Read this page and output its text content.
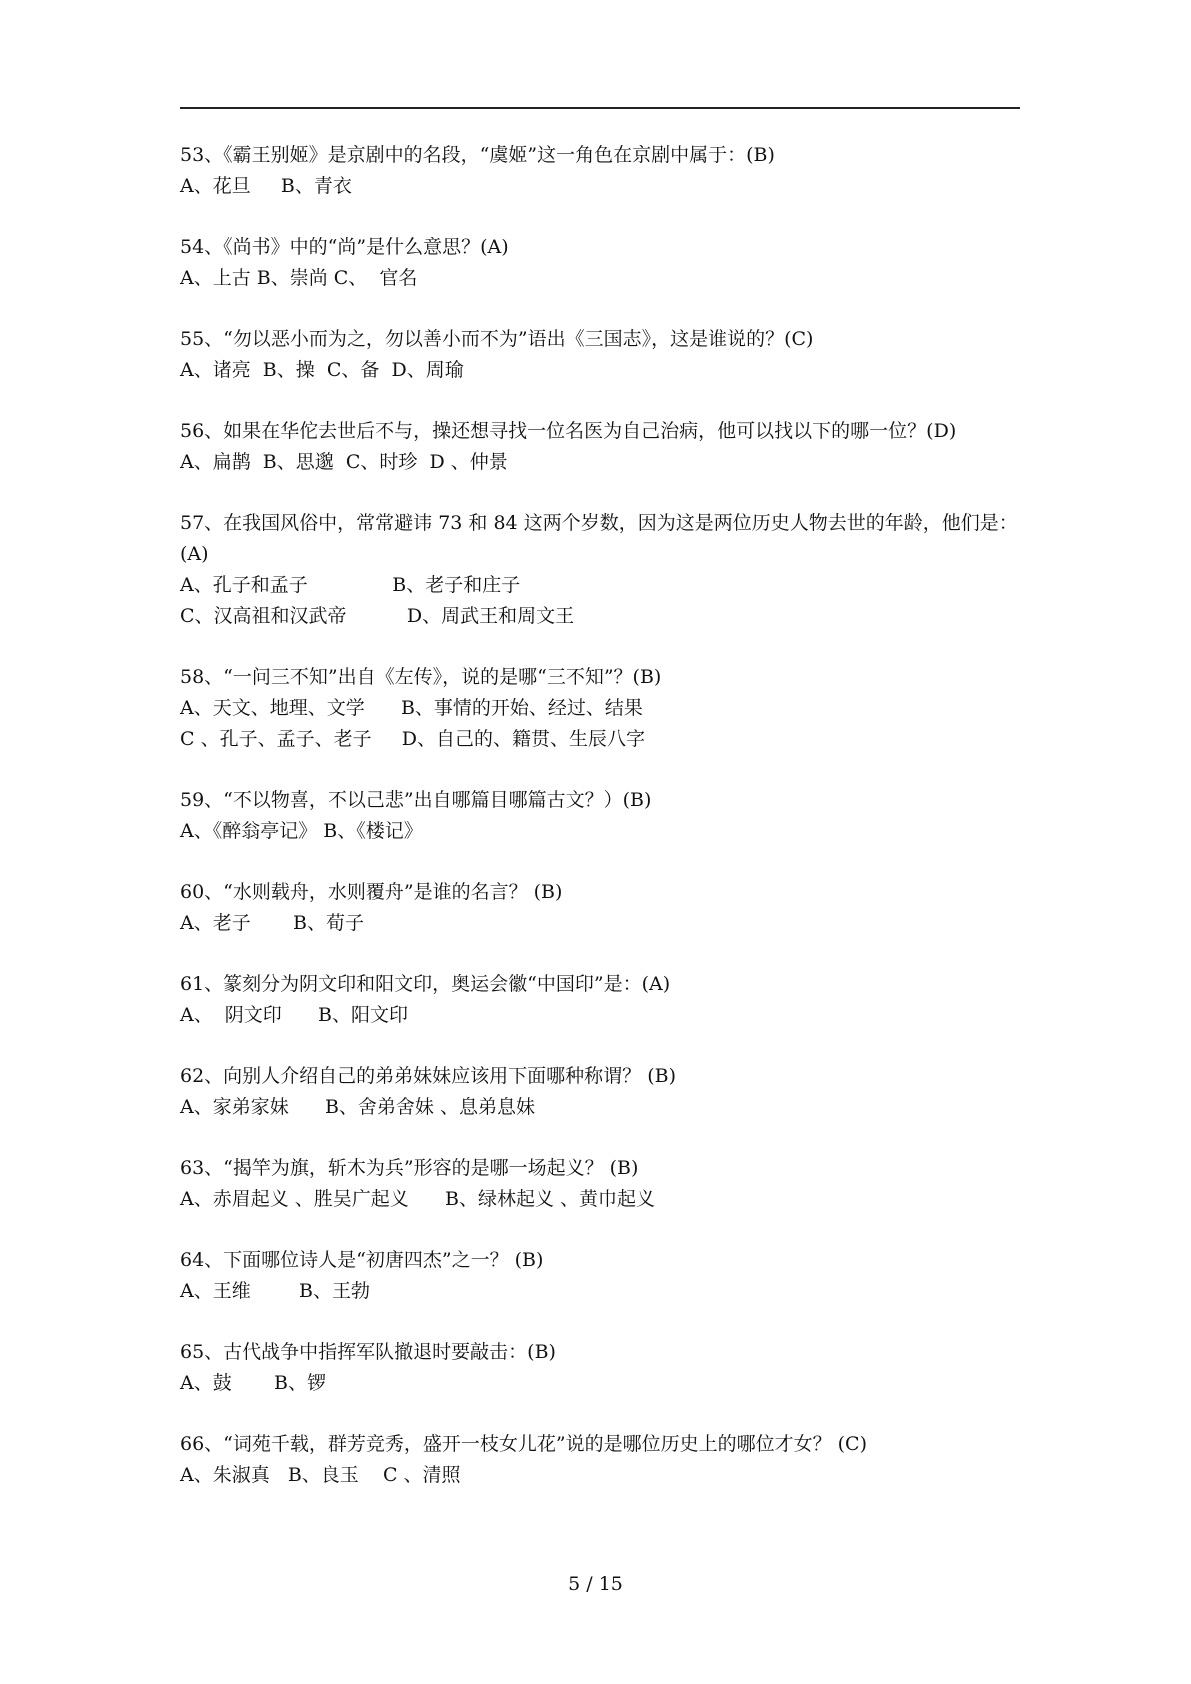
53、《霸王别姬》是京剧中的名段，“虞姬”这一角色在京剧中属于：(B)
A、花旦     B、青衣
54、《尚书》中的“尚”是什么意思？(A)
A、上古 B、崇尚 C、  官名
55、“勿以恶小而为之，勿以善小而不为”语出《三国志》，这是谁说的？(C)
A、诸亮  B、操  C、备  D、周瑜
56、如果在华佗去世后不与，操还想寻找一位名医为自己治病，他可以找以下的哪一位？(D)
A、扁鹊  B、思邈  C、时珍  D 、仲景
57、在我国风俗中，常常避讳 73 和 84 这两个岁数，因为这是两位历史人物去世的年龄，他们是：(A)
A、孔子和孟子              B、老子和庄子
C、汉高祖和汉武帝          D、周武王和周文王
58、“一问三不知”出自《左传》，说的是哪“三不知”？(B)
A、天文、地理、文学      B、事情的开始、经过、结果
C 、孔子、孟子、老子     D、自己的、籍贯、生辰八字
59、“不以物喜，不以己悲”出自哪篇目哪篇古文？）(B)
A、《醉翁亭记》 B、《楼记》
60、“水则载舟，水则覆舟”是谁的名言？ (B)
A、老子       B、荀子
61、篆刻分为阴文印和阳文印，奥运会徽“中国印”是：(A)
A、  阴文印      B、阳文印
62、向别人介绍自己的弟弟妹妹应该用下面哪种称谓？ (B)
A、家弟家妹      B、舍弟舍妹 、息弟息妹
63、“揭竿为旗，斩木为兵”形容的是哪一场起义？ (B)
A、赤眉起义 、胜吴广起义      B、绿林起义 、黄巾起义
64、下面哪位诗人是“初唐四杰”之一？ (B)
A、王维        B、王勃
65、古代战争中指挥军队撤退时要敲击：(B)
A、鼓       B、锣
66、“词苑千载，群芳竞秀，盛开一枝女儿花”说的是哪位历史上的哪位才女？ (C)
A、朱淑真   B、良玉    C 、清照
5 / 15
